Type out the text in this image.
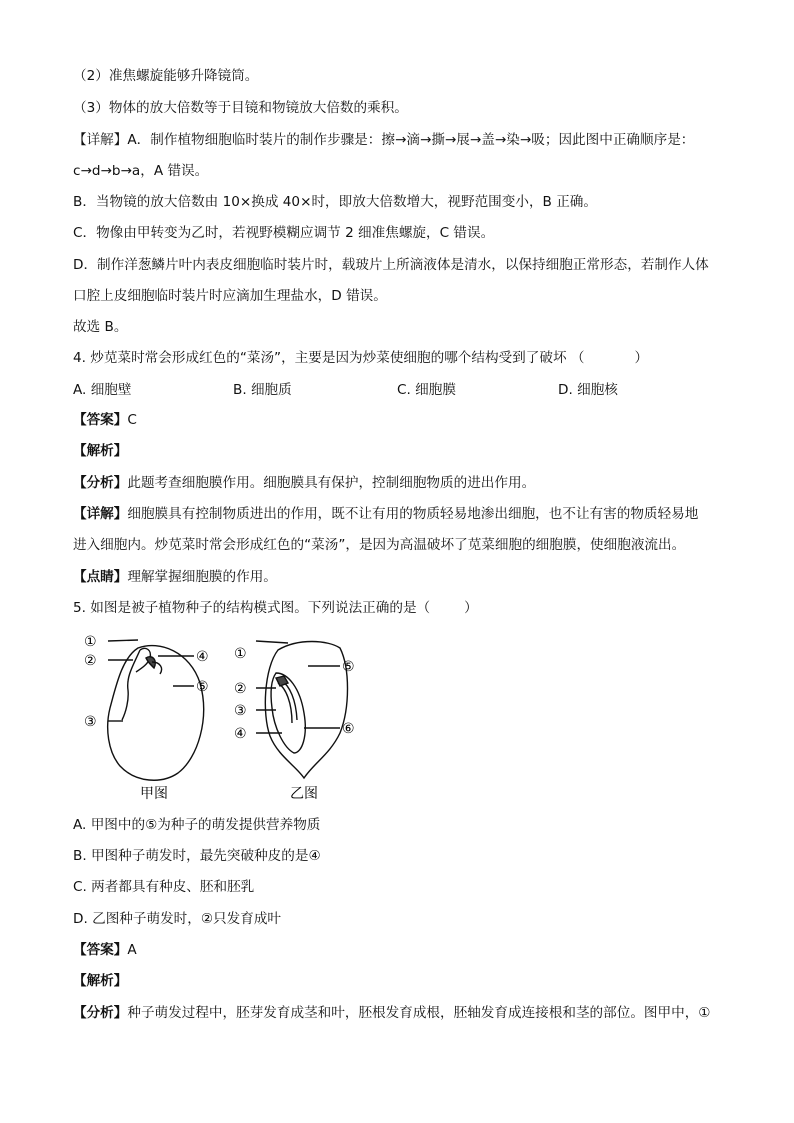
（2）准焦螺旋能够升降镜筒。
（3）物体的放大倍数等于目镜和物镜放大倍数的乘积。
【详解】A．制作植物细胞临时装片的制作步骤是：擦→滴→撕→展→盖→染→吸；因此图中正确顺序是：
c→d→b→a，A 错误。
B．当物镜的放大倍数由 10×换成 40×时，即放大倍数增大，视野范围变小，B 正确。
C．物像由甲转变为乙时，若视野模糊应调节 2 细准焦螺旋，C 错误。
D．制作洋葱鳞片叶内表皮细胞临时装片时，载玻片上所滴液体是清水，以保持细胞正常形态，若制作人体
口腔上皮细胞临时装片时应滴加生理盐水，D 错误。
故选 B。
4. 炒苋菜时常会形成红色的“菜汤”，主要是因为炒菜使细胞的哪个结构受到了破坏 （	）
A. 细胞壁	B. 细胞质	C. 细胞膜	D. 细胞核
【答案】C
【解析】
【分析】此题考查细胞膜作用。细胞膜具有保护，控制细胞物质的进出作用。
【详解】细胞膜具有控制物质进出的作用，既不让有用的物质轻易地渗出细胞，也不让有害的物质轻易地
进入细胞内。炒苋菜时常会形成红色的“菜汤”，是因为高温破坏了苋菜细胞的细胞膜，使细胞液流出。
【点睛】理解掌握细胞膜的作用。
5. 如图是被子植物种子的结构模式图。下列说法正确的是（	）
①
②
③
④
⑤
甲图
①
②
③
④
⑤
⑥
乙图
A. 甲图中的⑤为种子的萌发提供营养物质
B. 甲图种子萌发时，最先突破种皮的是④
C. 两者都具有种皮、胚和胚乳
D. 乙图种子萌发时，②只发育成叶
【答案】A
【解析】
【分析】种子萌发过程中，胚芽发育成茎和叶，胚根发育成根，胚轴发育成连接根和茎的部位。图甲中，①
